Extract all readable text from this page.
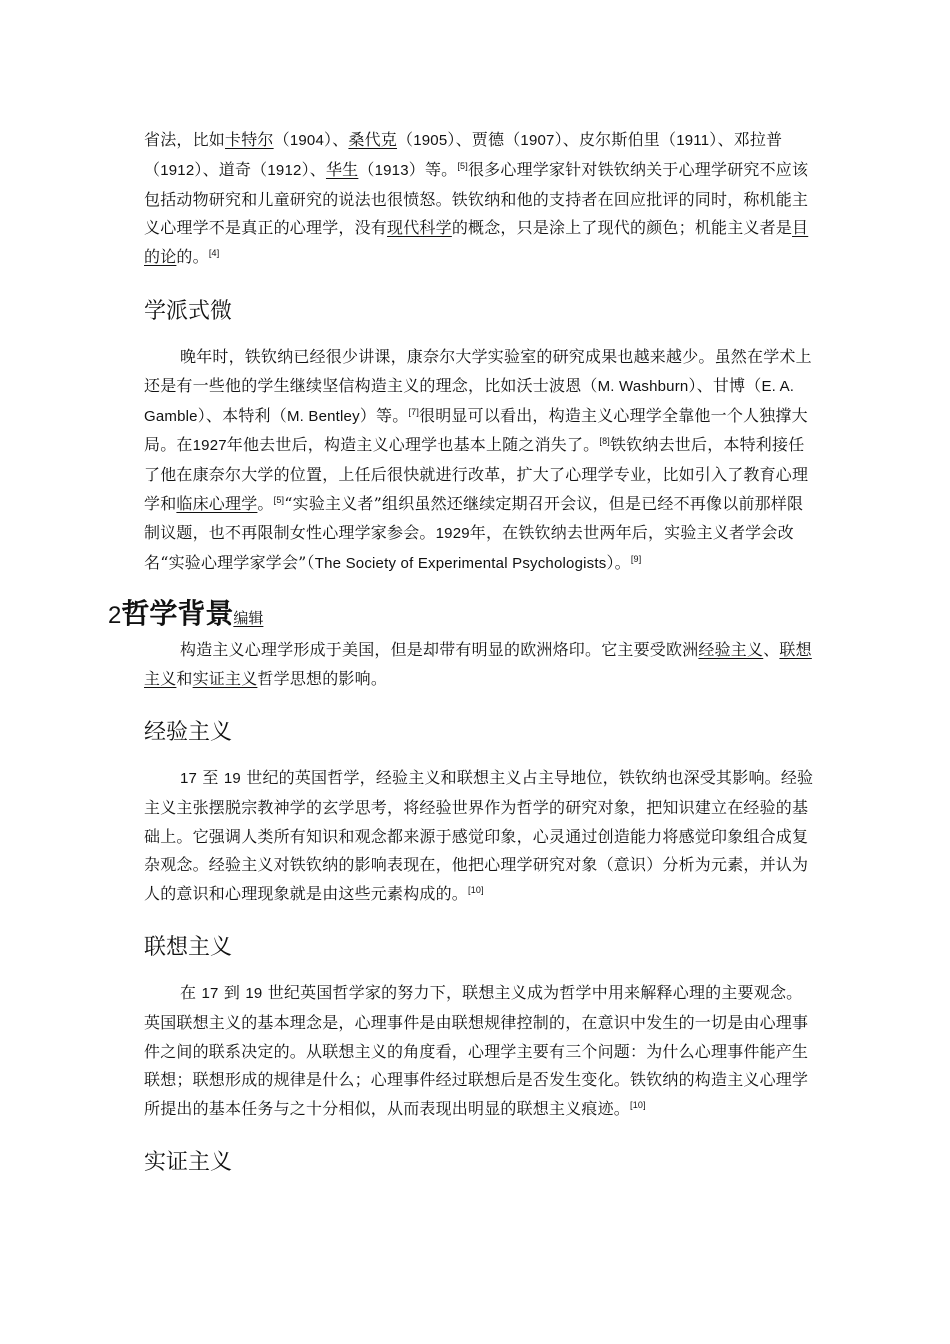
省法，比如卡特尔（1904）、桑代克（1905）、贾德（1907）、皮尔斯伯里（1911）、邓拉普（1912）、道奇（1912）、华生（1913）等。[5]很多心理学家针对铁钦纳关于心理学研究不应该包括动物研究和儿童研究的说法也很愤怒。铁钦纳和他的支持者在回应批评的同时，称机能主义心理学不是真正的心理学，没有现代科学的概念，只是涂上了现代的颜色；机能主义者是目的论的。[4]

学派式微

晚年时，铁钦纳已经很少讲课，康奈尔大学实验室的研究成果也越来越少。虽然在学术上还是有一些他的学生继续坚信构造主义的理念，比如沃士波恩（M. Washburn）、甘博（E. A. Gamble）、本特利（M. Bentley）等。[7]很明显可以看出，构造主义心理学全靠他一个人独撑大局。在1927年他去世后，构造主义心理学也基本上随之消失了。[8]铁钦纳去世后，本特利接任了他在康奈尔大学的位置，上任后很快就进行改革，扩大了心理学专业，比如引入了教育心理学和临床心理学。[5]“实验主义者”组织虽然还继续定期召开会议，但是已经不再像以前那样限制议题，也不再限制女性心理学家参会。1929年，在铁钦纳去世两年后，实验主义者学会改名“实验心理学家学会”（The Society of Experimental Psychologists）。[9]

2哲学背景编辑

构造主义心理学形成于美国，但是却带有明显的欧洲烙印。它主要受欧洲经验主义、联想主义和实证主义哲学思想的影响。

经验主义

17 至 19 世纪的英国哲学，经验主义和联想主义占主导地位，铁钦纳也深受其影响。经验主义主张摆脱宗教神学的玄学思考，将经验世界作为哲学的研究对象，把知识建立在经验的基础上。它强调人类所有知识和观念都来源于感觉印象，心灵通过创造能力将感觉印象组合成复杂观念。经验主义对铁钦纳的影响表现在，他把心理学研究对象（意识）分析为元素，并认为人的意识和心理现象就是由这些元素构成的。[10]

联想主义

在 17 到 19 世纪英国哲学家的努力下，联想主义成为哲学中用来解释心理的主要观念。英国联想主义的基本理念是，心理事件是由联想规律控制的，在意识中发生的一切是由心理事件之间的联系决定的。从联想主义的角度看，心理学主要有三个问题：为什么心理事件能产生联想；联想形成的规律是什么；心理事件经过联想后是否发生变化。铁钦纳的构造主义心理学所提出的基本任务与之十分相似，从而表现出明显的联想主义痕迹。[10]

实证主义
